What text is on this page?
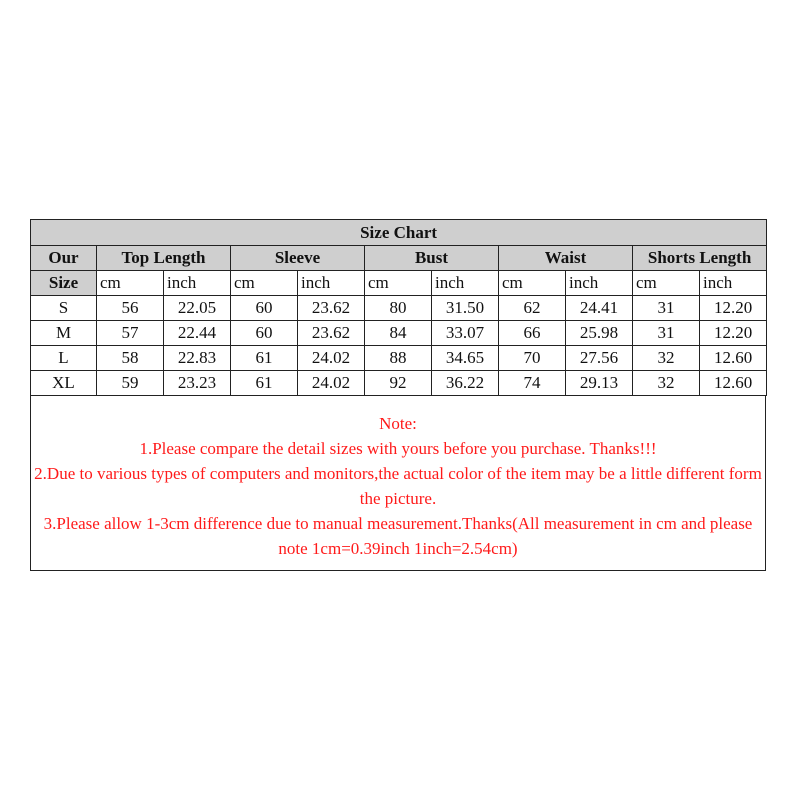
Size Chart										
Our	Top Length		Sleeve		Bust		Waist		Shorts Length	
Size	cm	inch	cm	inch	cm	inch	cm	inch	cm	inch
S	56	22.05	60	23.62	80	31.50	62	24.41	31	12.20
M	57	22.44	60	23.62	84	33.07	66	25.98	31	12.20
L	58	22.83	61	24.02	88	34.65	70	27.56	32	12.60
XL	59	23.23	61	24.02	92	36.22	74	29.13	32	12.60

Note:

1.Please compare the detail sizes with yours before you purchase. Thanks!!!

2.Due to various types of computers and monitors,the actual color of the item may be a little different form the picture.

3.Please allow 1-3cm difference due to manual measurement.Thanks(All measurement in cm and please note 1cm=0.39inch 1inch=2.54cm)
